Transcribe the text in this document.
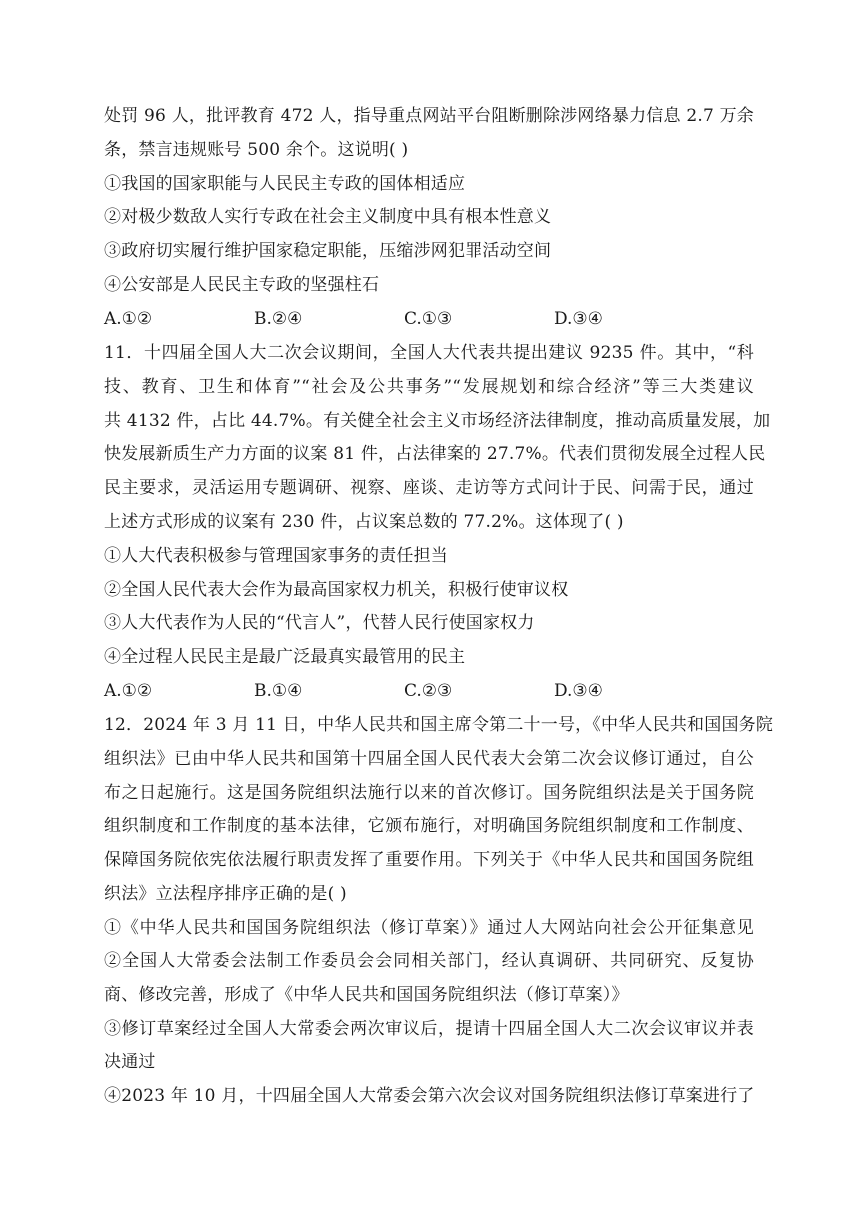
处罚 96 人，批评教育 472 人，指导重点网站平台阻断删除涉网络暴力信息 2.7 万余
条，禁言违规账号 500 余个。这说明( )
①我国的国家职能与人民民主专政的国体相适应
②对极少数敌人实行专政在社会主义制度中具有根本性意义
③政府切实履行维护国家稳定职能，压缩涉网犯罪活动空间
④公安部是人民民主专政的坚强柱石
A.①②	B.②④	C.①③	D.③④
11．十四届全国人大二次会议期间，全国人大代表共提出建议 9235 件。其中，“科
技、教育、卫生和体育”“社会及公共事务”“发展规划和综合经济”等三大类建议
共 4132 件，占比 44.7%。有关健全社会主义市场经济法律制度，推动高质量发展，加
快发展新质生产力方面的议案 81 件，占法律案的 27.7%。代表们贯彻发展全过程人民
民主要求，灵活运用专题调研、视察、座谈、走访等方式问计于民、问需于民，通过
上述方式形成的议案有 230 件，占议案总数的 77.2%。这体现了( )
①人大代表积极参与管理国家事务的责任担当
②全国人民代表大会作为最高国家权力机关，积极行使审议权
③人大代表作为人民的“代言人”，代替人民行使国家权力
④全过程人民民主是最广泛最真实最管用的民主
A.①②	B.①④	C.②③	D.③④
12．2024 年 3 月 11 日，中华人民共和国主席令第二十一号，《中华人民共和国国务院
组织法》已由中华人民共和国第十四届全国人民代表大会第二次会议修订通过，自公
布之日起施行。这是国务院组织法施行以来的首次修订。国务院组织法是关于国务院
组织制度和工作制度的基本法律，它颁布施行，对明确国务院组织制度和工作制度、
保障国务院依宪依法履行职责发挥了重要作用。下列关于《中华人民共和国国务院组
织法》立法程序排序正确的是( )
①《中华人民共和国国务院组织法（修订草案）》通过人大网站向社会公开征集意见
②全国人大常委会法制工作委员会会同相关部门，经认真调研、共同研究、反复协
商、修改完善，形成了《中华人民共和国国务院组织法（修订草案）》
③修订草案经过全国人大常委会两次审议后，提请十四届全国人大二次会议审议并表
决通过
④2023 年 10 月，十四届全国人大常委会第六次会议对国务院组织法修订草案进行了
